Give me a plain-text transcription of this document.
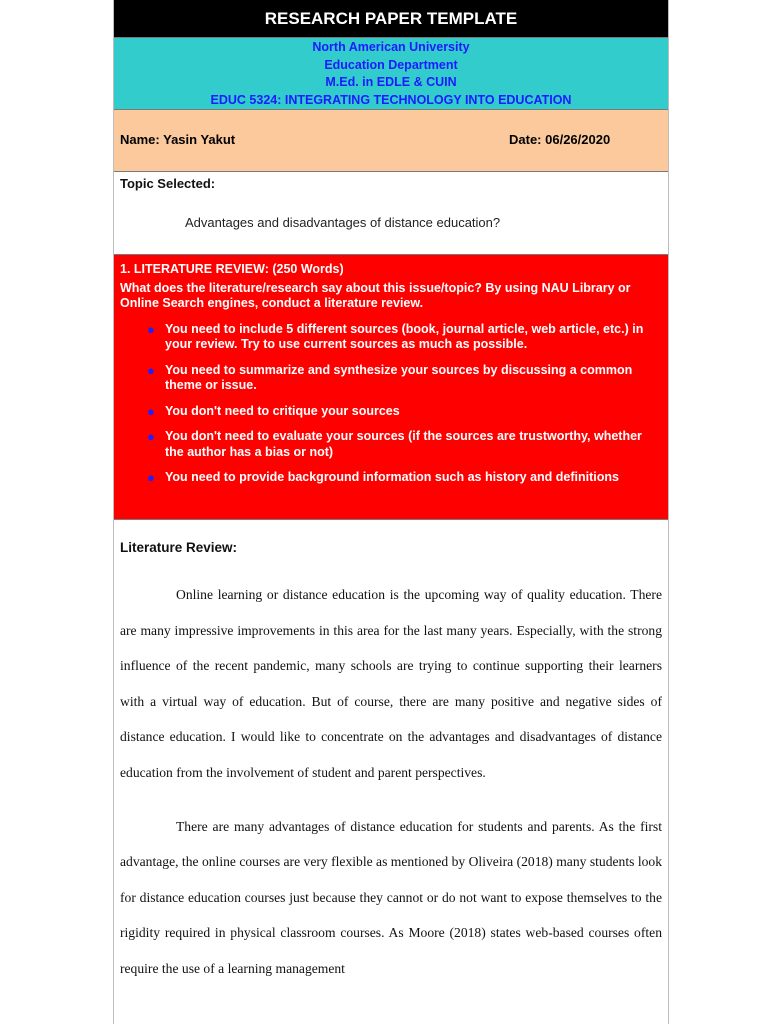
RESEARCH PAPER TEMPLATE
North American University
Education Department
M.Ed. in EDLE & CUIN
EDUC 5324: INTEGRATING TECHNOLOGY INTO EDUCATION
Name: Yasin Yakut	Date: 06/26/2020
Topic Selected:
Advantages and disadvantages of distance education?
1. LITERATURE REVIEW: (250 Words)
What does the literature/research say about this issue/topic? By using NAU Library or Online Search engines, conduct a literature review.
● You need to include 5 different sources (book, journal article, web article, etc.) in your review. Try to use current sources as much as possible.
● You need to summarize and synthesize your sources by discussing a common theme or issue.
● You don't need to critique your sources
● You don't need to evaluate your sources (if the sources are trustworthy, whether the author has a bias or not)
● You need to provide background information such as history and definitions
Literature Review:

Online learning or distance education is the upcoming way of quality education. There are many impressive improvements in this area for the last many years. Especially, with the strong influence of the recent pandemic, many schools are trying to continue supporting their learners with a virtual way of education. But of course, there are many positive and negative sides of distance education. I would like to concentrate on the advantages and disadvantages of distance education from the involvement of student and parent perspectives.

There are many advantages of distance education for students and parents. As the first advantage, the online courses are very flexible as mentioned by Oliveira (2018) many students look for distance education courses just because they cannot or do not want to expose themselves to the rigidity required in physical classroom courses. As Moore (2018) states web-based courses often require the use of a learning management
